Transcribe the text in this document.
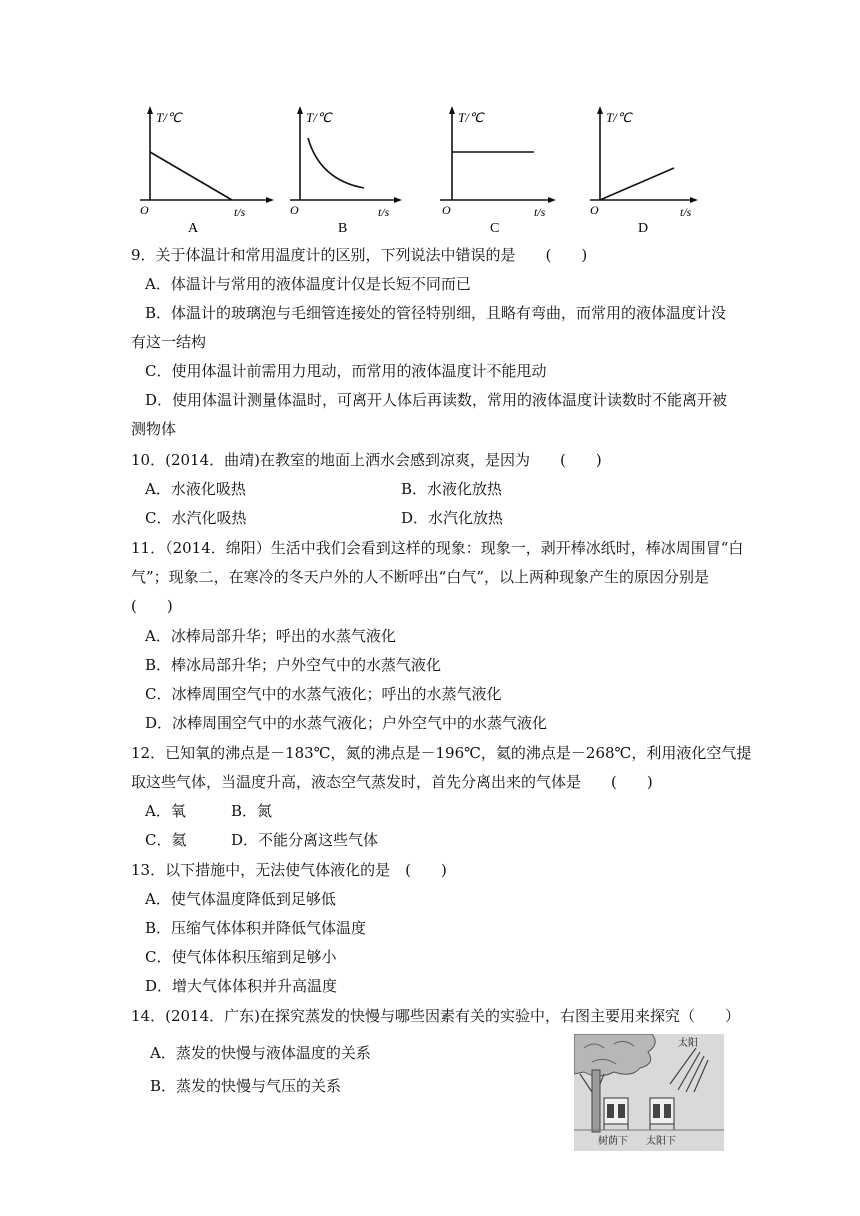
T/℃
t/s
O
A
T/℃
t/s
O
B
T/℃
t/s
O
C
T/℃
t/s
O
D
9．关于体温计和常用温度计的区别，下列说法中错误的是　　(　　)
A．体温计与常用的液体温度计仅是长短不同而已
B．体温计的玻璃泡与毛细管连接处的管径特别细，且略有弯曲，而常用的液体温度计没
有这一结构
C．使用体温计前需用力甩动，而常用的液体温度计不能甩动
D．使用体温计测量体温时，可离开人体后再读数，常用的液体温度计读数时不能离开被
测物体
10．(2014．曲靖)在教室的地面上洒水会感到凉爽，是因为　　(　　)
A．水液化吸热	B．水液化放热
C．水汽化吸热	D．水汽化放热
11．（2014．绵阳）生活中我们会看到这样的现象：现象一，剥开棒冰纸时，棒冰周围冒“白
气”；现象二，在寒冷的冬天户外的人不断呼出“白气”，以上两种现象产生的原因分别是
(　　)
A．冰棒局部升华；呼出的水蒸气液化
B．棒冰局部升华；户外空气中的水蒸气液化
C．冰棒周围空气中的水蒸气液化；呼出的水蒸气液化
D．冰棒周围空气中的水蒸气液化；户外空气中的水蒸气液化
12．已知氧的沸点是－183℃，氮的沸点是－196℃，氦的沸点是－268℃，利用液化空气提
取这些气体，当温度升高，液态空气蒸发时，首先分离出来的气体是　　(　　)
A．氧	B．氮
C．氦	D．不能分离这些气体
13．以下措施中，无法使气体液化的是　(　　)
A．使气体温度降低到足够低
B．压缩气体体积并降低气体温度
C．使气体体积压缩到足够小
D．增大气体体积并升高温度
14．(2014．广东)在探究蒸发的快慢与哪些因素有关的实验中，右图主要用来探究（　　）
A．蒸发的快慢与液体温度的关系
B．蒸发的快慢与气压的关系
太阳
树荫下 太阳下
